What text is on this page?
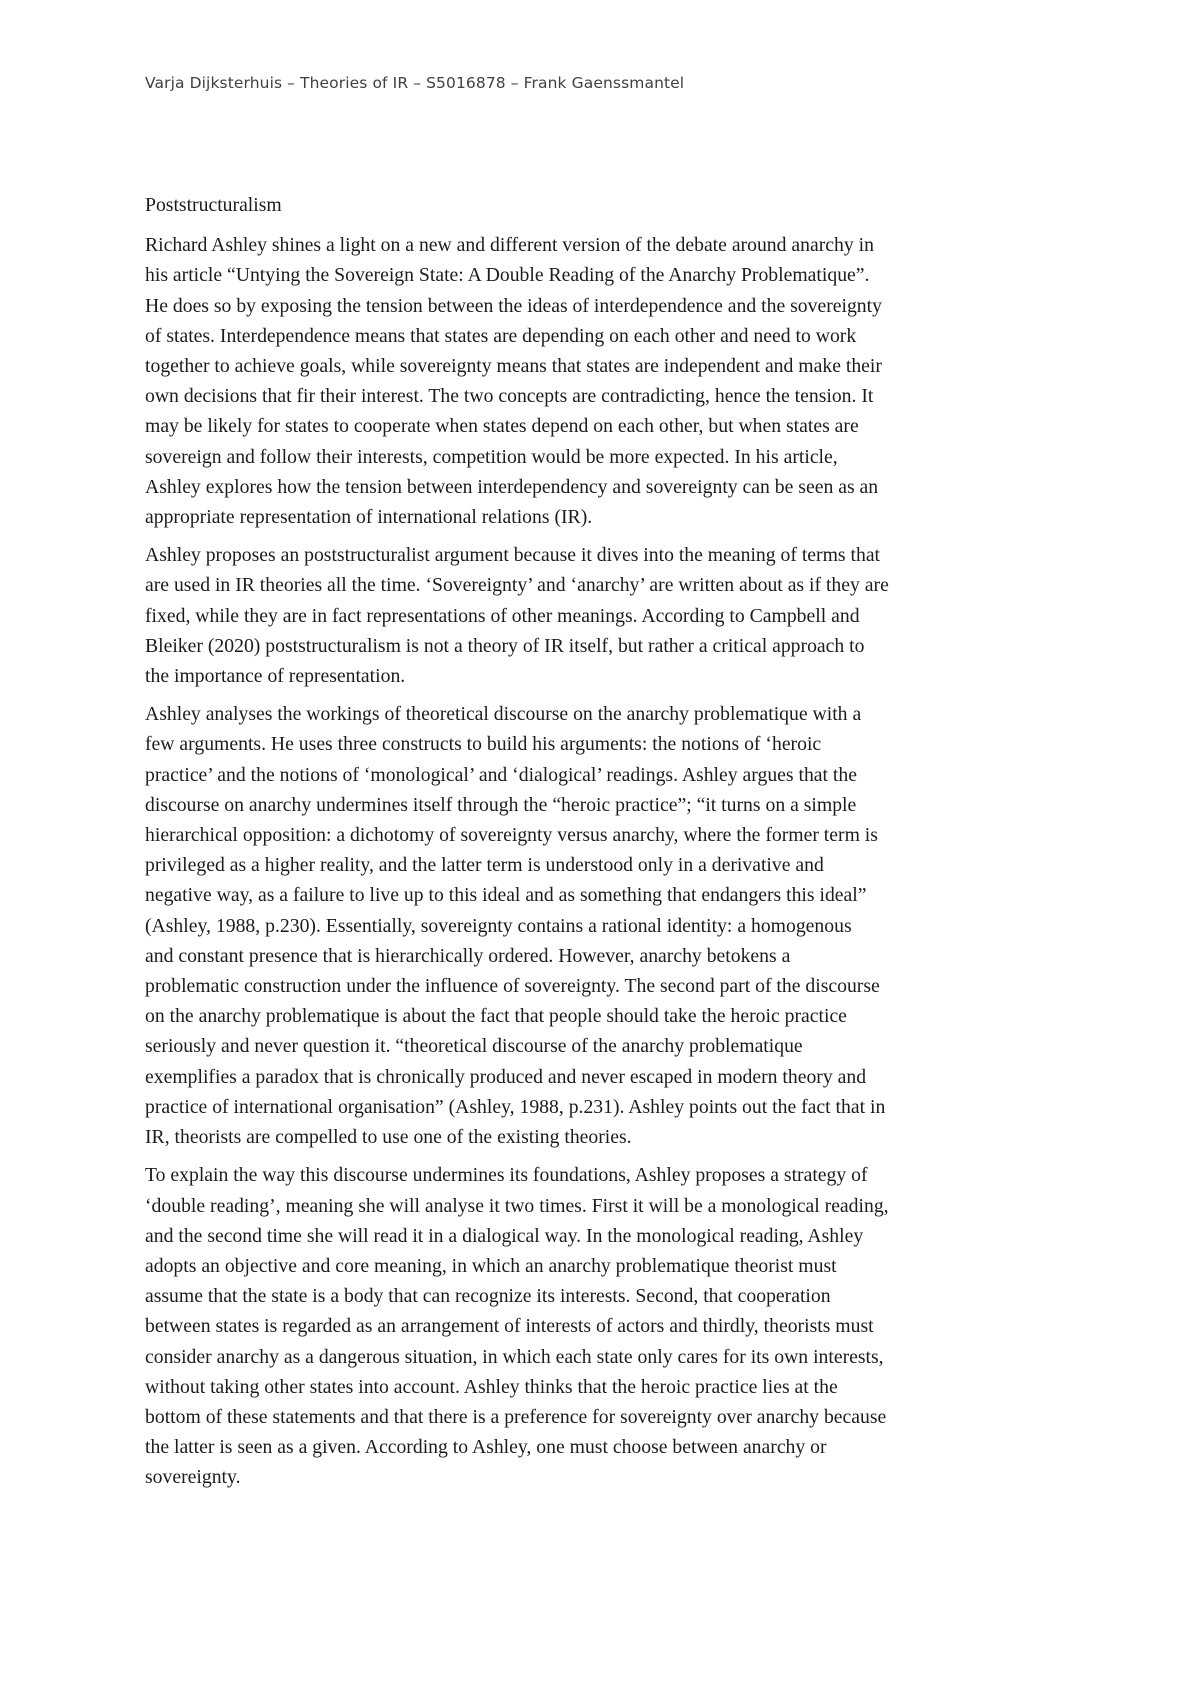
Varja Dijksterhuis – Theories of IR – S5016878 – Frank Gaenssmantel
Poststructuralism
Richard Ashley shines a light on a new and different version of the debate around anarchy in
his article “Untying the Sovereign State: A Double Reading of the Anarchy Problematique”.
He does so by exposing the tension between the ideas of interdependence and the sovereignty
of states. Interdependence means that states are depending on each other and need to work
together to achieve goals, while sovereignty means that states are independent and make their
own decisions that fir their interest. The two concepts are contradicting, hence the tension. It
may be likely for states to cooperate when states depend on each other, but when states are
sovereign and follow their interests, competition would be more expected. In his article,
Ashley explores how the tension between interdependency and sovereignty can be seen as an
appropriate representation of international relations (IR).
Ashley proposes an poststructuralist argument because it dives into the meaning of terms that
are used in IR theories all the time. ‘Sovereignty’ and ‘anarchy’ are written about as if they are
fixed, while they are in fact representations of other meanings. According to Campbell and
Bleiker (2020) poststructuralism is not a theory of IR itself, but rather a critical approach to
the importance of representation.
Ashley analyses the workings of theoretical discourse on the anarchy problematique with a
few arguments. He uses three constructs to build his arguments: the notions of ‘heroic
practice’ and the notions of ‘monological’ and ‘dialogical’ readings. Ashley argues that the
discourse on anarchy undermines itself through the “heroic practice”; “it turns on a simple
hierarchical opposition: a dichotomy of sovereignty versus anarchy, where the former term is
privileged as a higher reality, and the latter term is understood only in a derivative and
negative way, as a failure to live up to this ideal and as something that endangers this ideal”
(Ashley, 1988, p.230). Essentially, sovereignty contains a rational identity: a homogenous
and constant presence that is hierarchically ordered. However, anarchy betokens a
problematic construction under the influence of sovereignty. The second part of the discourse
on the anarchy problematique is about the fact that people should take the heroic practice
seriously and never question it. “theoretical discourse of the anarchy problematique
exemplifies a paradox that is chronically produced and never escaped in modern theory and
practice of international organisation” (Ashley, 1988, p.231). Ashley points out the fact that in
IR, theorists are compelled to use one of the existing theories.
To explain the way this discourse undermines its foundations, Ashley proposes a strategy of
‘double reading’, meaning she will analyse it two times. First it will be a monological reading,
and the second time she will read it in a dialogical way. In the monological reading, Ashley
adopts an objective and core meaning, in which an anarchy problematique theorist must
assume that the state is a body that can recognize its interests. Second, that cooperation
between states is regarded as an arrangement of interests of actors and thirdly, theorists must
consider anarchy as a dangerous situation, in which each state only cares for its own interests,
without taking other states into account. Ashley thinks that the heroic practice lies at the
bottom of these statements and that there is a preference for sovereignty over anarchy because
the latter is seen as a given. According to Ashley, one must choose between anarchy or
sovereignty.
